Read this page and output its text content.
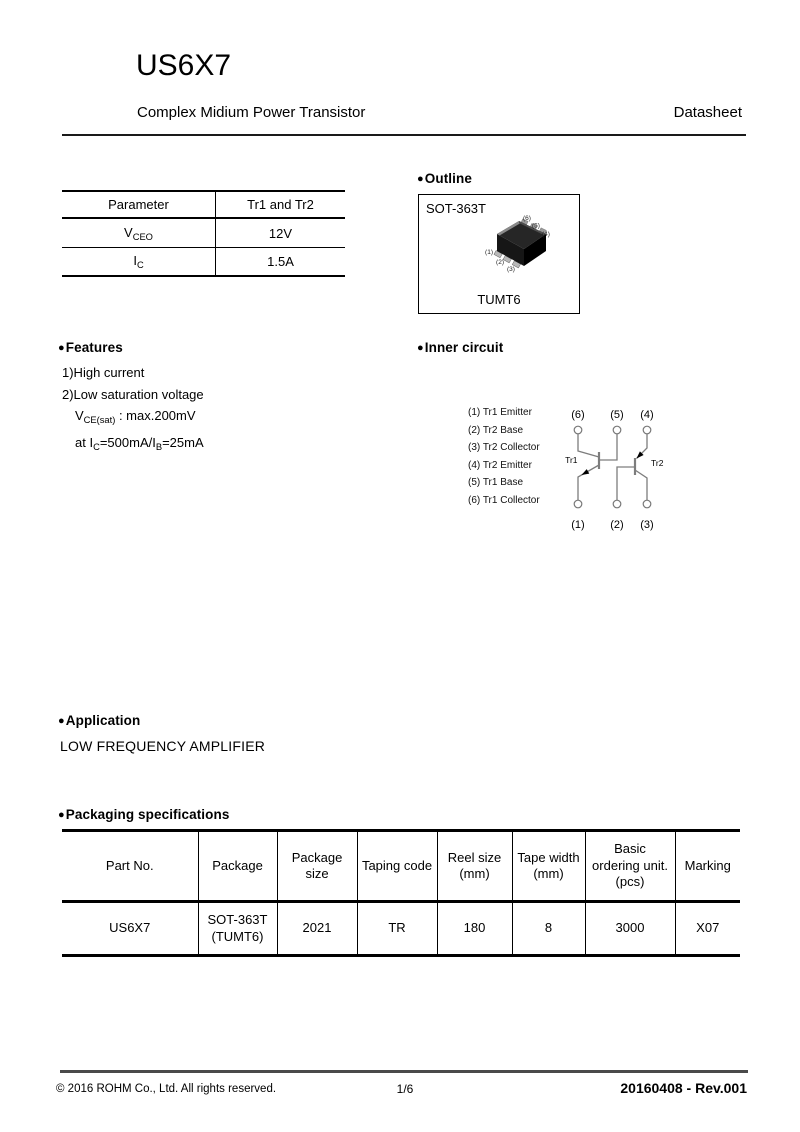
US6X7
Complex Midium Power Transistor	Datasheet
Parameter	Tr1 and Tr2
$V_{CEO}$	12V
$I_C$	1.5A
● Outline
(1)
(2)
(3)
(6)
(5)
(4)
SOT-363T
TUMT6
● Features
1)High current
2)Low saturation voltage
$V_{CE(sat)}$ : max.200mV
at $I_C=500mA/I_B=25mA$
● Inner circuit
(1) Tr1 Emitter
(2) Tr2 Base
(3) Tr2 Collector
(4) Tr2 Emitter
(5) Tr1 Base
(6) Tr1 Collector
(6) (5) (4)
(1) (2) (3)
Tr1	Tr2
● Application
LOW FREQUENCY AMPLIFIER
● Packaging specifications
Part No.	Package	Package size	Taping code	Reel size (mm)	Tape width (mm)	Basic ordering unit.(pcs)	Marking
US6X7	SOT-363T (TUMT6)	2021	TR	180	8	3000	X07
© 2016 ROHM Co., Ltd. All rights reserved.	1/6	20160408 - Rev.001
